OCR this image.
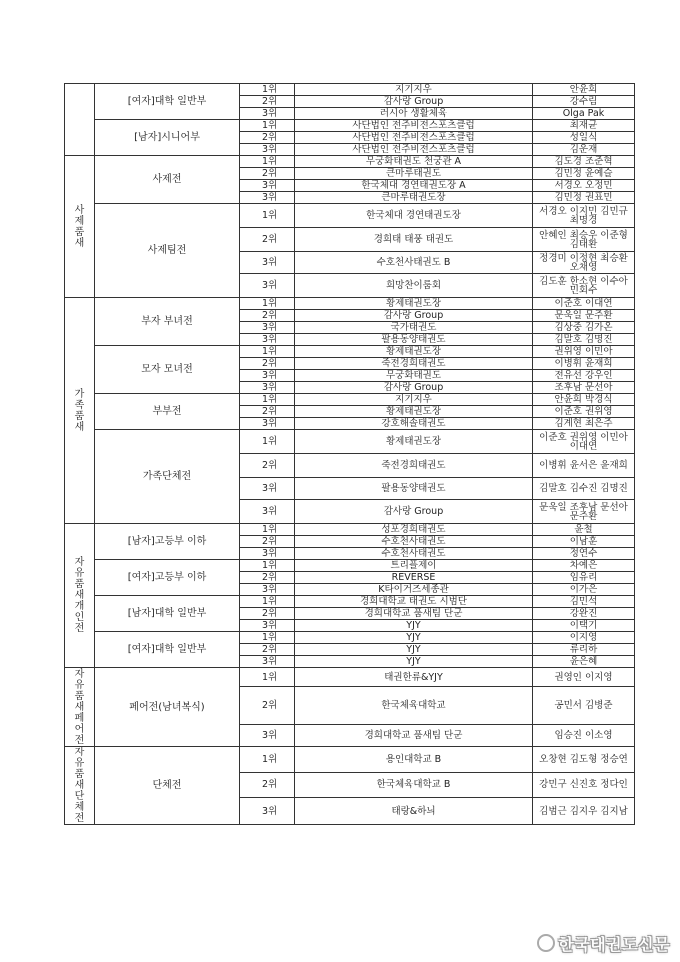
	[여자]대학 일반부	1위	지기지우	안윤희
		2위	감사랑 Group	강수림
		3위	러시아 생활체육	Olga Pak
	[남자]시니어부	1위	사단법인 전주비전스포츠클럽	최재균
		2위	사단법인 전주비전스포츠클럽	성일식
		3위	사단법인 전주비전스포츠클럽	김운재
사제품새	사제전	1위	무궁화태권도 천궁관 A	김도경 조준혁
		2위	큰마루태권도	김민정 윤예슬
		3위	한국체대 경연태권도장 A	서경오 오정민
		3위	큰마루태권도장	김민정 권표민
	사제팀전	1위	한국체대 경연태권도장	서경오 이지민 김민규 최명경
		2위	경희태 태풍 태권도	안혜인 최승우 이준형 김태환
		3위	수호천사태권도 B	정경미 이정현 최승환 오채영
		3위	희망찬이룸회	김도훈 한소현 이수아 민회수
가족품새	부자 부녀전	1위	황제태권도장	이준호 이대연
		2위	감사랑 Group	문욱일 문주환
		3위	국가태권도	김상중 김가온
		3위	팔용동양태권도	김말호 김명진
	모자 모녀전	1위	황제태권도장	권위영 이민아
		2위	죽전경희태권도	이병휘 윤재희
		3위	무궁화태권도	전유선 강우인
		3위	감사랑 Group	조후남 문선아
	부부전	1위	지기지우	안윤희 박경식
		2위	황제태권도장	이준호 권위영
		3위	강호해솔태권도	김계현 최은주
	가족단체전	1위	황제태권도장	이준호 권위영 이민아 이대연
		2위	죽전경희태권도	이병휘 윤서은 윤재희
		3위	팔용동양태권도	김말호 김수진 김명진
		3위	감사랑 Group	문욱일 조후남 문선아 문주환
자유품새개인전	[남자]고등부 이하	1위	성포경희태권도	윤철
		2위	수호천사태권도	이남훈
		3위	수호천사태권도	정연수
	[여자]고등부 이하	1위	트리플제이	차예은
		2위	REVERSE	임유리
		3위	K타이거즈세종관	이가은
	[남자]대학 일반부	1위	경희대학교 태권도 시범단	김민석
		2위	경희대학교 품새팀 단군	강완진
		3위	YJY	이택기
	[여자]대학 일반부	1위	YJY	이지영
		2위	YJY	류리하
		3위	YJY	윤은혜
자유품새페어전	페어전(남녀복식)	1위	태권한류&YJY	권영인 이지영
		2위	한국체육대학교	공민서 김병준
		3위	경희대학교 품새팀 단군	임승진 이소영
자유품새단체전	단체전	1위	용인대학교 B	오창현 김도형 정승연
		2위	한국체육대학교 B	강민구 신진호 정다인
		3위	태랑&하늬	김범근 김지우 김지남
한국태권도신문
